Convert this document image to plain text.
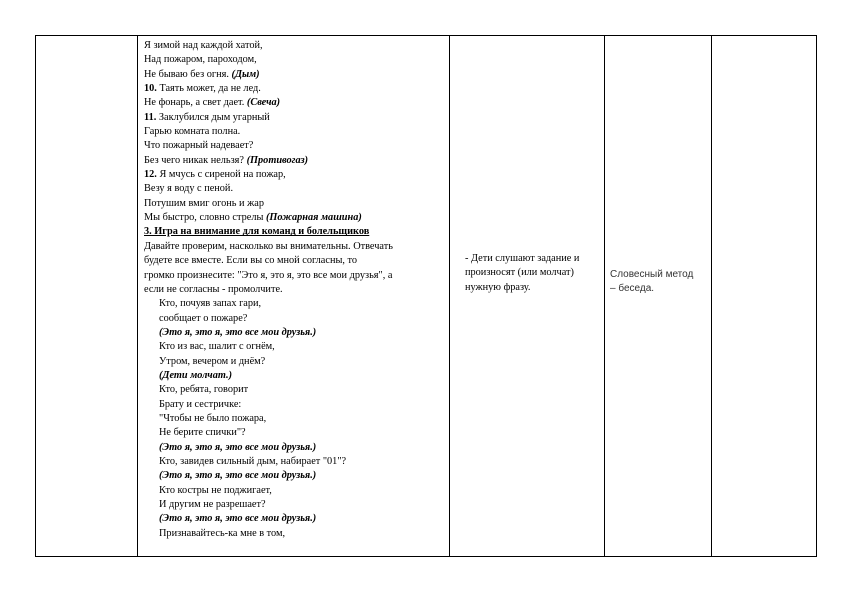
Я зимой над каждой хатой,
Над пожаром, пароходом,
Не бываю без огня. (Дым)
10. Таять может, да не лед.
Не фонарь, а свет дает. (Свеча)
11. Заклубился дым угарный
Гарью комната полна.
Что пожарный надевает?
Без чего никак нельзя? (Противогаз)
12. Я мчусь с сиреной на пожар,
Везу я воду с пеной.
Потушим вмиг огонь и жар
Мы быстро, словно стрелы (Пожарная машина)
3. Игра на внимание для команд и болельщиков
Давайте проверим, насколько вы внимательны. Отвечать
будете все вместе. Если вы со мной согласны, то
громко произнесите: "Это я, это я, это все мои друзья", а
если не согласны - промолчите.
Кто, почуяв запах гари,
сообщает о пожаре?
(Это я, это я, это все мои друзья.)
Кто из вас, шалит с огнём,
Утром, вечером и днём?
(Дети молчат.)
Кто, ребята, говорит
Брату и сестричке:
"Чтобы не было пожара,
Не берите спички"?
(Это я, это я, это все мои друзья.)
Кто, завидев сильный дым, набирает "01"?
(Это я, это я, это все мои друзья.)
Кто костры не поджигает,
И другим не разрешает?
(Это я, это я, это все мои друзья.)
Признавайтесь-ка мне в том,
- Дети слушают задание и
произносят (или молчат)
нужную фразу.
Словесный метод
– беседа.
